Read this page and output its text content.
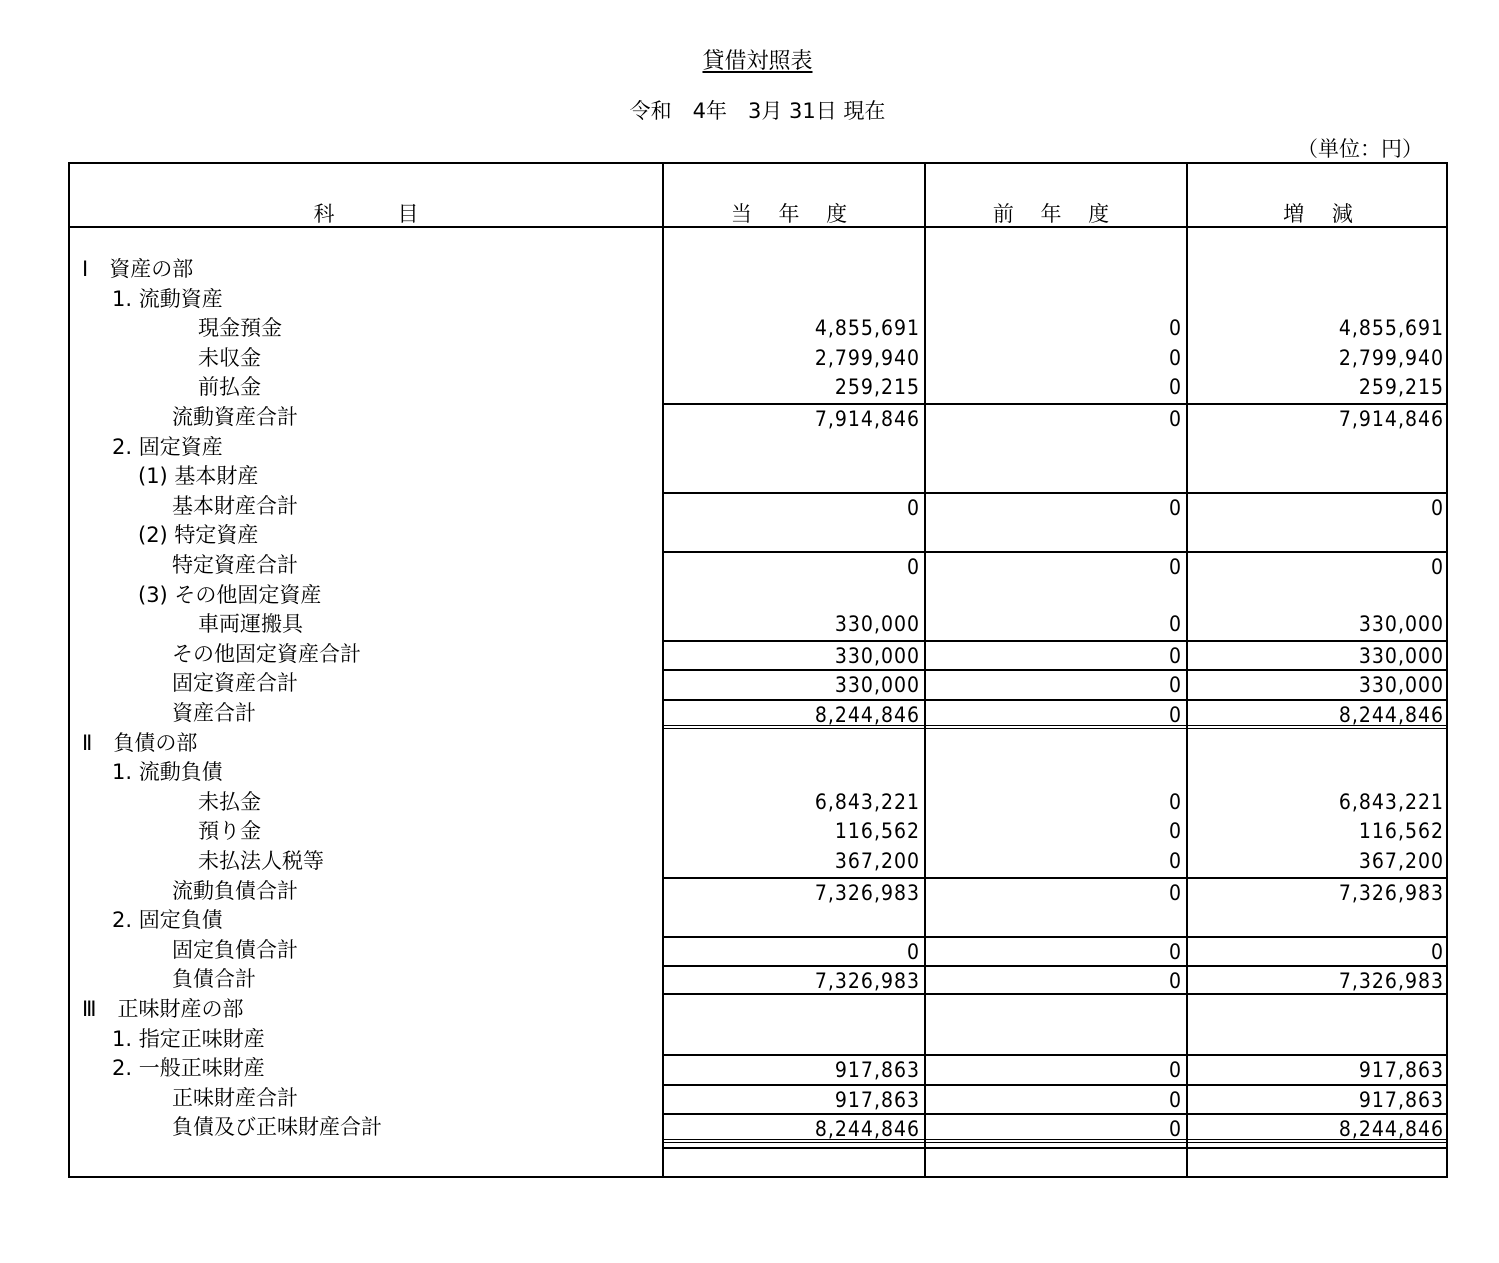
貸借対照表
令和　4年　3月 31日 現在
（単位：円）
科　　　目	当 年 度	前 年 度	増　 減
Ⅰ　資産の部
1. 流動資産
現金預金	4,855,691	0	4,855,691
未収金	2,799,940	0	2,799,940
前払金	259,215	0	259,215
流動資産合計	7,914,846	0	7,914,846
2. 固定資産
(1) 基本財産
基本財産合計	0	0	0
(2) 特定資産
特定資産合計	0	0	0
(3) その他固定資産
車両運搬具	330,000	0	330,000
その他固定資産合計	330,000	0	330,000
固定資産合計	330,000	0	330,000
資産合計	8,244,846	0	8,244,846
Ⅱ　負債の部
1. 流動負債
未払金	6,843,221	0	6,843,221
預り金	116,562	0	116,562
未払法人税等	367,200	0	367,200
流動負債合計	7,326,983	0	7,326,983
2. 固定負債
固定負債合計	0	0	0
負債合計	7,326,983	0	7,326,983
Ⅲ　正味財産の部
1. 指定正味財産
2. 一般正味財産	917,863	0	917,863
正味財産合計	917,863	0	917,863
負債及び正味財産合計	8,244,846	0	8,244,846
